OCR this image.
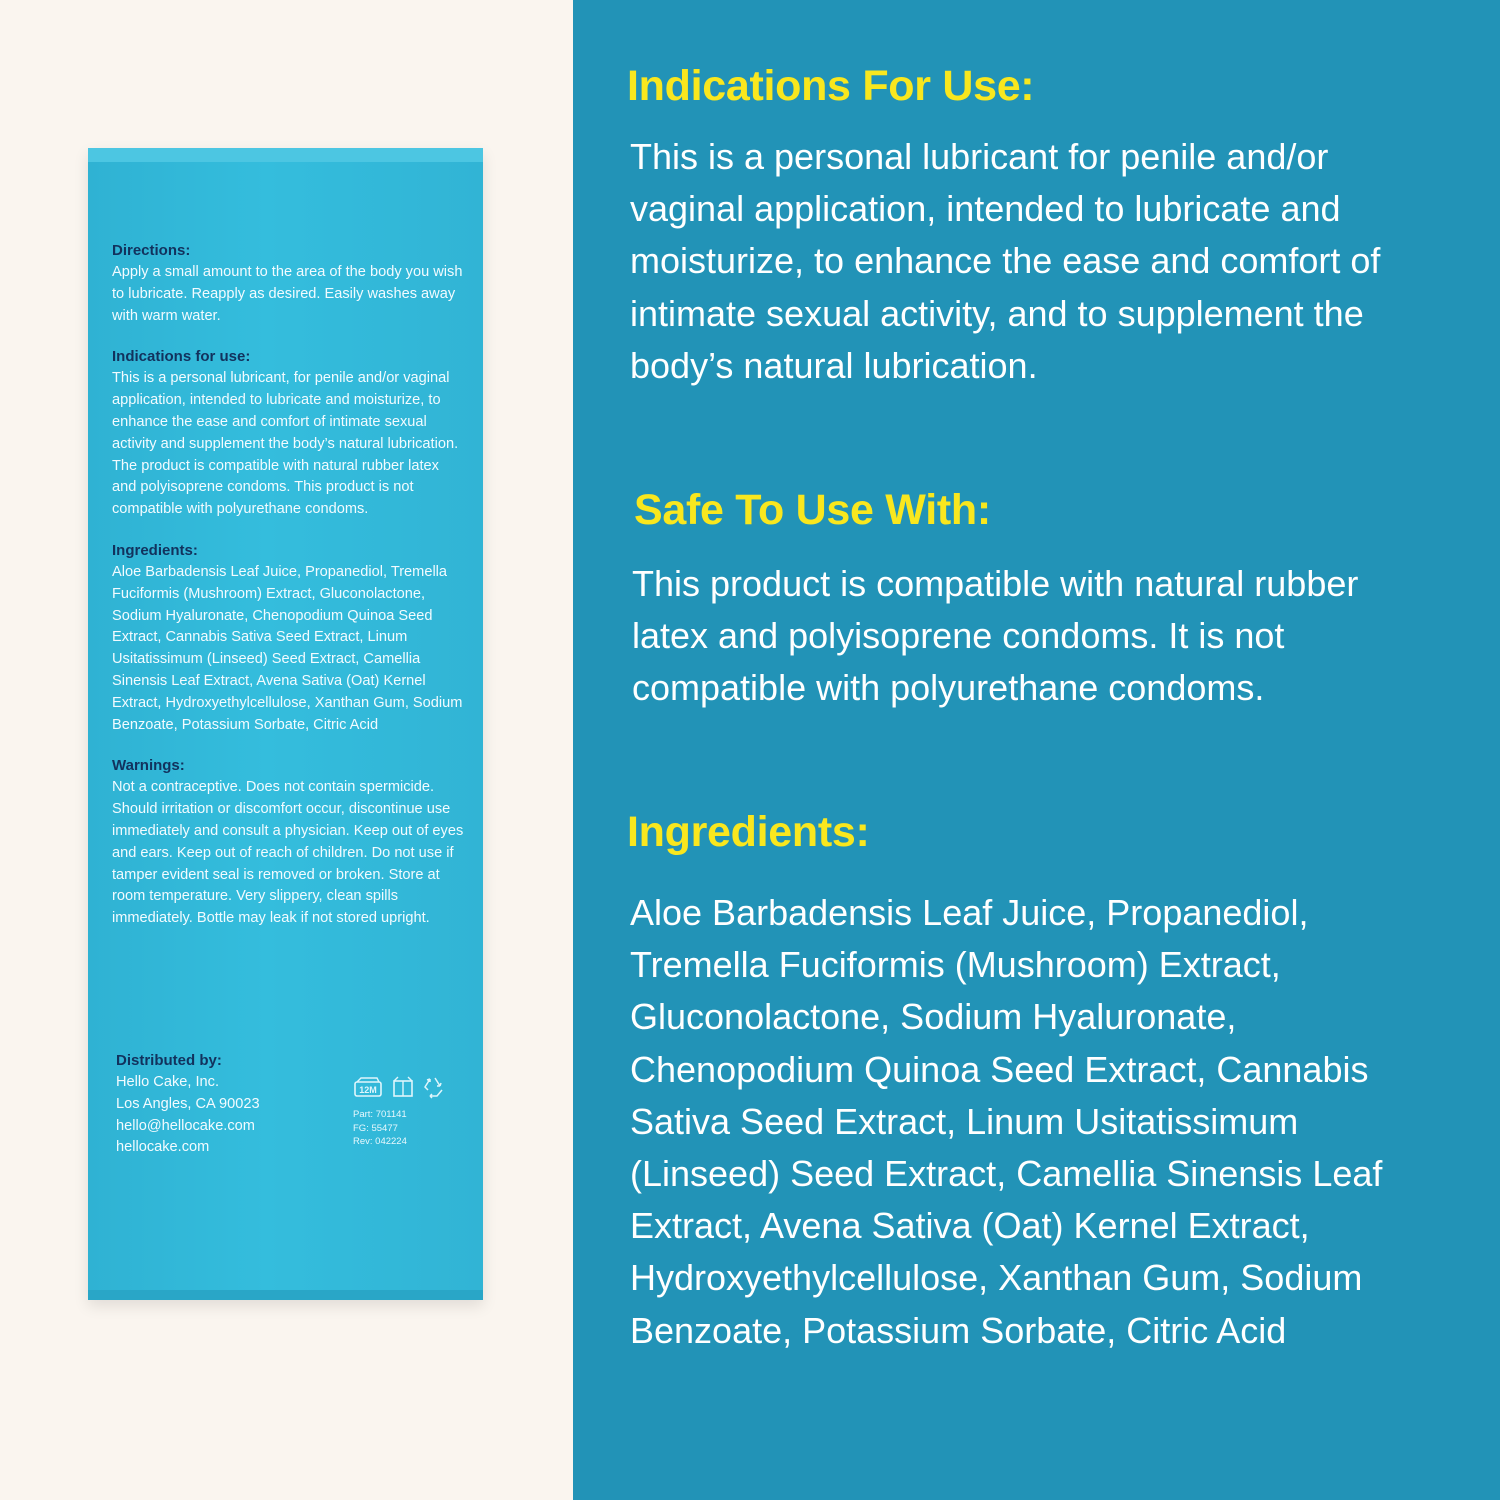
Directions:

Apply a small amount to the area of the body you wish to lubricate. Reapply as desired. Easily washes away with warm water.

Indications for use:

This is a personal lubricant, for penile and/or vaginal application, intended to lubricate and moisturize, to enhance the ease and comfort of intimate sexual activity and supplement the body’s natural lubrication. The product is compatible with natural rubber latex and polyisoprene condoms. This product is not compatible with polyurethane condoms.

Ingredients:

Aloe Barbadensis Leaf Juice, Propanediol, Tremella Fuciformis (Mushroom) Extract, Gluconolactone, Sodium Hyaluronate, Chenopodium Quinoa Seed Extract, Cannabis Sativa Seed Extract, Linum Usitatissimum (Linseed) Seed Extract, Camellia Sinensis Leaf Extract, Avena Sativa (Oat) Kernel Extract, Hydroxyethylcellulose, Xanthan Gum, Sodium Benzoate, Potassium Sorbate, Citric Acid

Warnings:

Not a contraceptive. Does not contain spermicide. Should irritation or discomfort occur, discontinue use immediately and consult a physician. Keep out of eyes and ears. Keep out of reach of children. Do not use if tamper evident seal is removed or broken. Store at room temperature. Very slippery, clean spills immediately. Bottle may leak if not stored upright.

Distributed by:
Hello Cake, Inc.
Los Angles, CA 90023
hello@hellocake.com
hellocake.com
12M
Part: 701141
FG: 55477
Rev: 042224
Indications For Use:

This is a personal lubricant for penile and/or vaginal application, intended to lubricate and moisturize, to enhance the ease and comfort of intimate sexual activity, and to supplement the body’s natural lubrication.

Safe To Use With:

This product is compatible with natural rubber latex and polyisoprene condoms. It is not compatible with polyurethane condoms.

Ingredients:

Aloe Barbadensis Leaf Juice, Propanediol, Tremella Fuciformis (Mushroom) Extract, Gluconolactone, Sodium Hyaluronate, Chenopodium Quinoa Seed Extract, Cannabis Sativa Seed Extract, Linum Usitatissimum (Linseed) Seed Extract, Camellia Sinensis Leaf Extract, Avena Sativa (Oat) Kernel Extract, Hydroxyethylcellulose, Xanthan Gum, Sodium Benzoate, Potassium Sorbate, Citric Acid
